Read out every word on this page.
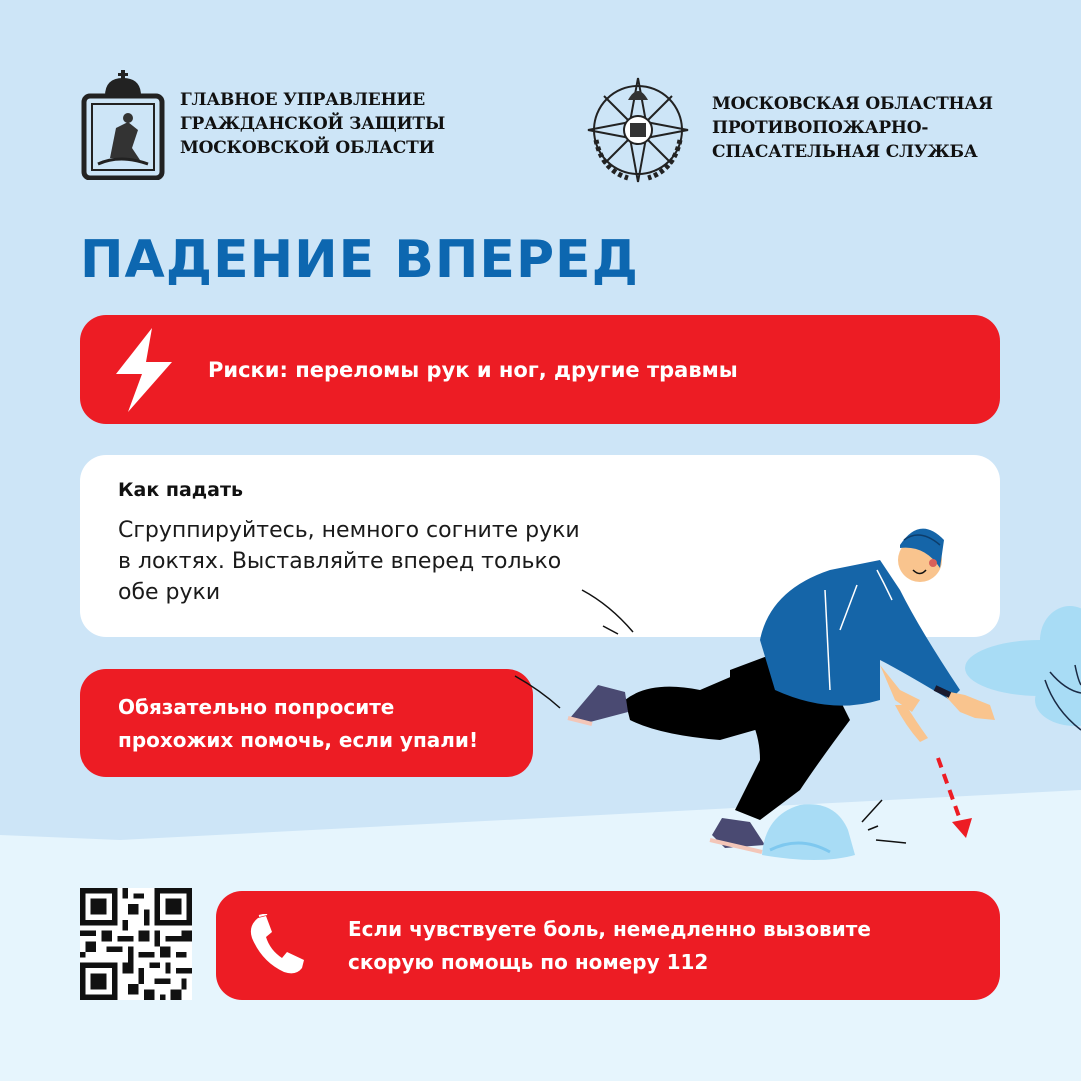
ГЛАВНОЕ УПРАВЛЕНИЕ
ГРАЖДАНСКОЙ ЗАЩИТЫ
МОСКОВСКОЙ ОБЛАСТИ
МОСКОВСКАЯ ОБЛАСТНАЯ
ПРОТИВОПОЖАРНО-
СПАСАТЕЛЬНАЯ СЛУЖБА
ПАДЕНИЕ ВПЕРЕД
Риски: переломы рук и ног, другие травмы
Как падать
Сгруппируйтесь, немного согните руки
в локтях. Выставляйте вперед только
обе руки
Обязательно попросите
прохожих помочь, если упали!
Если чувствуете боль, немедленно вызовите
скорую помощь по номеру 112
